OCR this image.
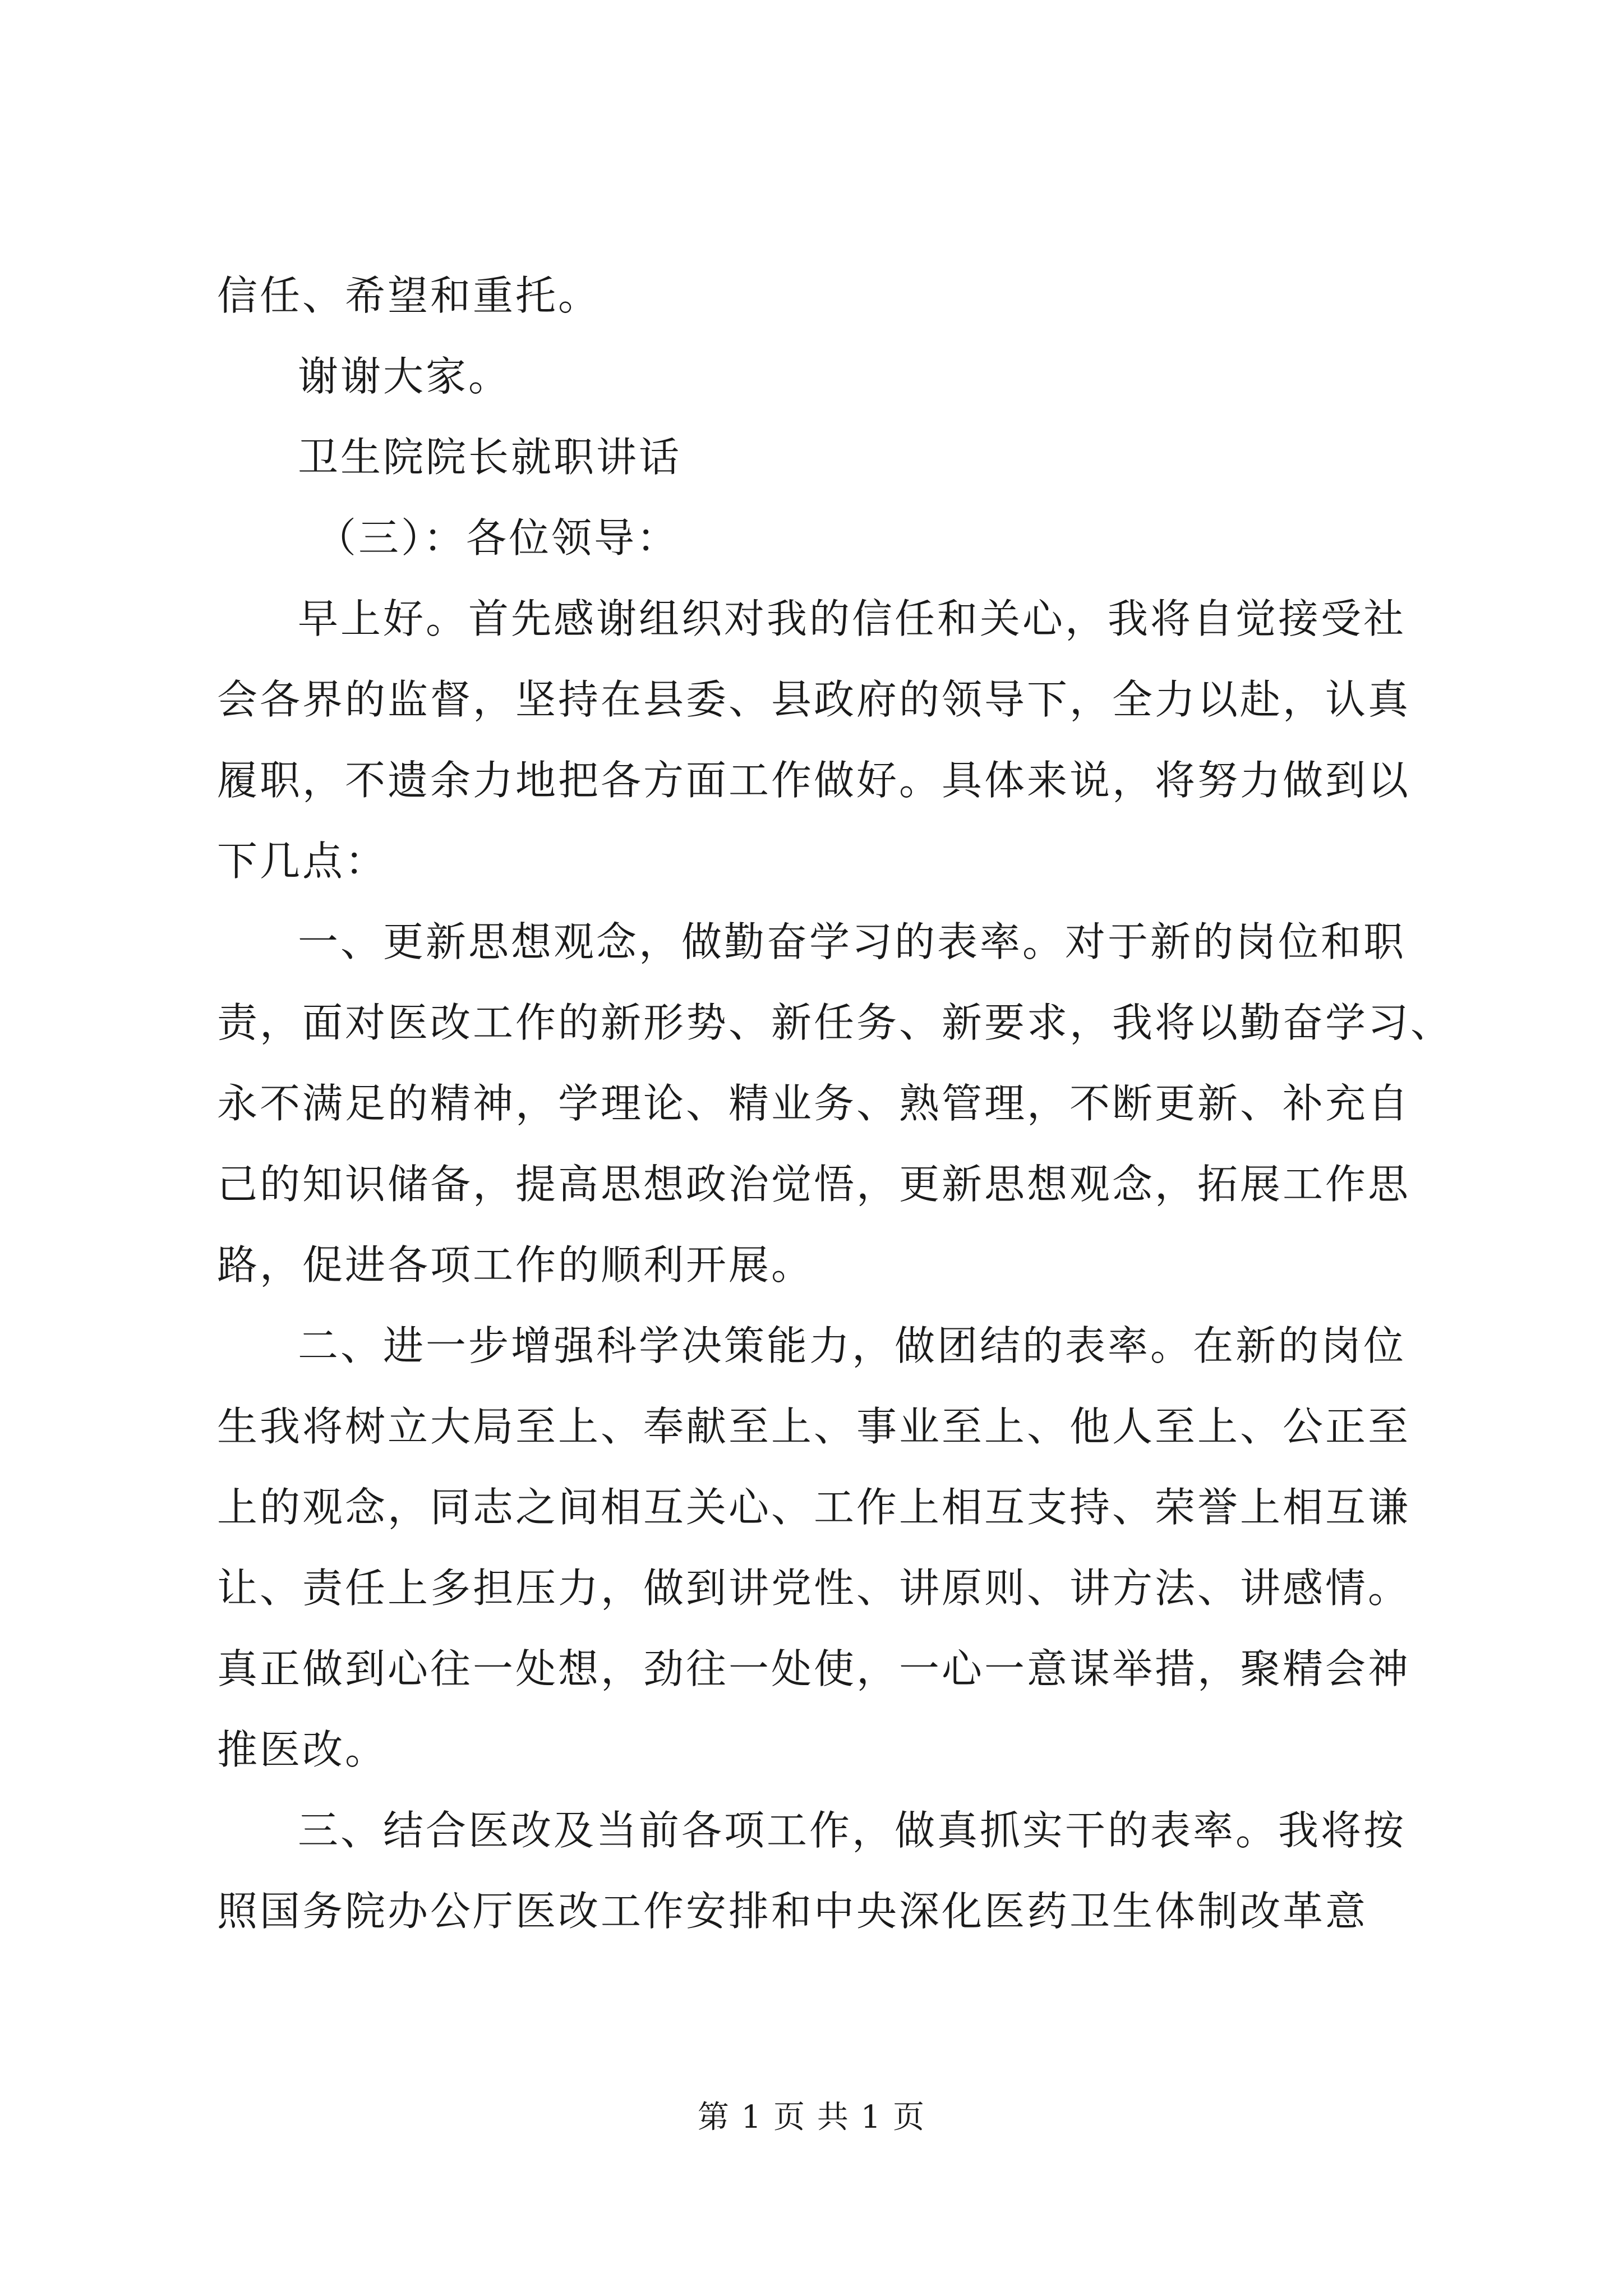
信任、希望和重托。
谢谢大家。
卫生院院长就职讲话
（三）：各位领导：
早上好。首先感谢组织对我的信任和关心，我将自觉接受社
会各界的监督，坚持在县委、县政府的领导下，全力以赴，认真
履职，不遗余力地把各方面工作做好。具体来说，将努力做到以
下几点：
一、更新思想观念，做勤奋学习的表率。对于新的岗位和职
责，面对医改工作的新形势、新任务、新要求，我将以勤奋学习、
永不满足的精神，学理论、精业务、熟管理，不断更新、补充自
己的知识储备，提高思想政治觉悟，更新思想观念，拓展工作思
路，促进各项工作的顺利开展。
二、进一步增强科学决策能力，做团结的表率。在新的岗位
生我将树立大局至上、奉献至上、事业至上、他人至上、公正至
上的观念，同志之间相互关心、工作上相互支持、荣誉上相互谦
让、责任上多担压力，做到讲党性、讲原则、讲方法、讲感情。
真正做到心往一处想，劲往一处使，一心一意谋举措，聚精会神
推医改。
三、结合医改及当前各项工作，做真抓实干的表率。我将按
照国务院办公厅医改工作安排和中央深化医药卫生体制改革意
第 1 页 共 1 页
